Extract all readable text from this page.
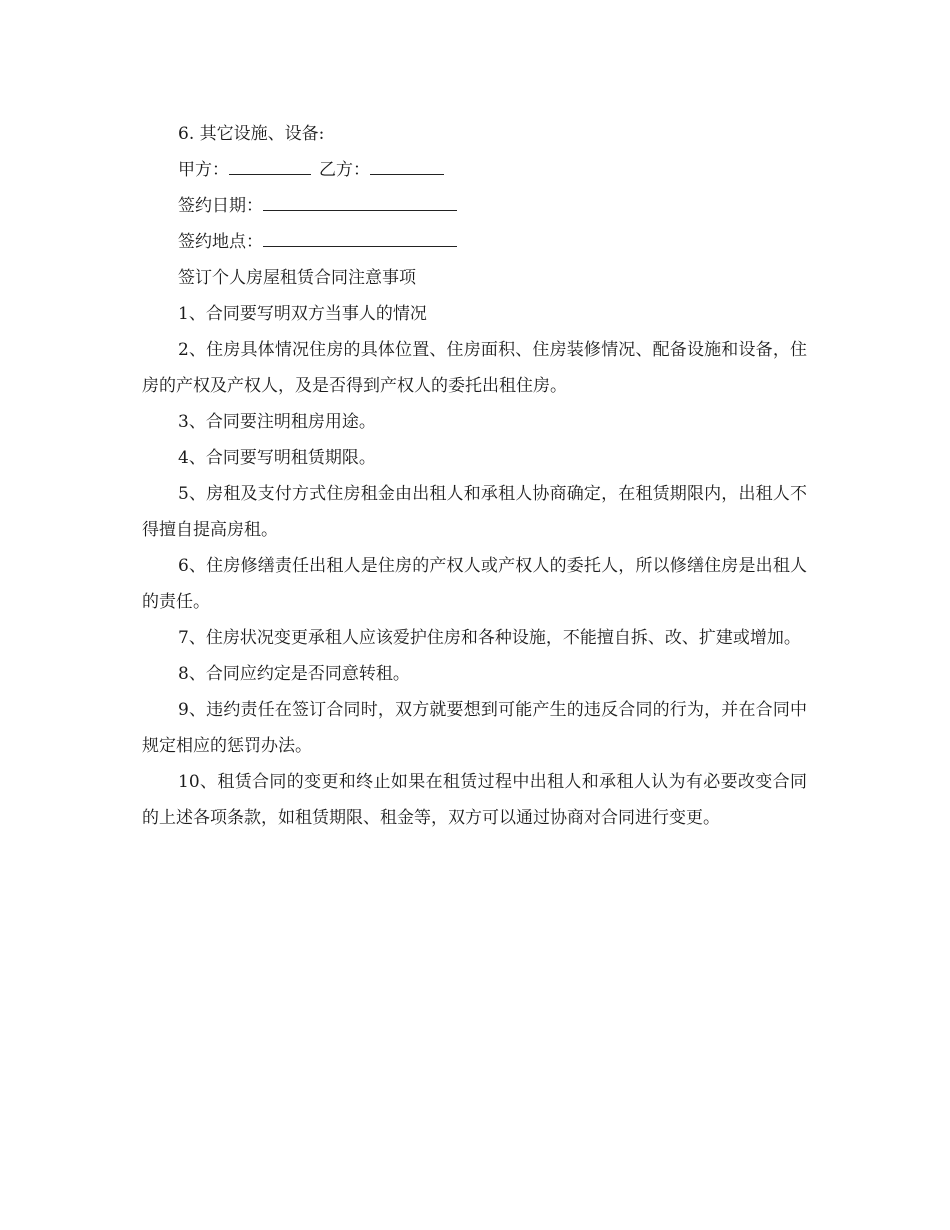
6. 其它设施、设备:

甲方：	乙方：

签约日期：

签约地点：

签订个人房屋租赁合同注意事项

1、合同要写明双方当事人的情况

2、住房具体情况住房的具体位置、住房面积、住房装修情况、配备设施和设备，住房的产权及产权人，及是否得到产权人的委托出租住房。

3、合同要注明租房用途。

4、合同要写明租赁期限。

5、房租及支付方式住房租金由出租人和承租人协商确定，在租赁期限内，出租人不得擅自提高房租。

6、住房修缮责任出租人是住房的产权人或产权人的委托人，所以修缮住房是出租人的责任。

7、住房状况变更承租人应该爱护住房和各种设施，不能擅自拆、改、扩建或增加。

8、合同应约定是否同意转租。

9、违约责任在签订合同时，双方就要想到可能产生的违反合同的行为，并在合同中规定相应的惩罚办法。

10、租赁合同的变更和终止如果在租赁过程中出租人和承租人认为有必要改变合同的上述各项条款，如租赁期限、租金等，双方可以通过协商对合同进行变更。
